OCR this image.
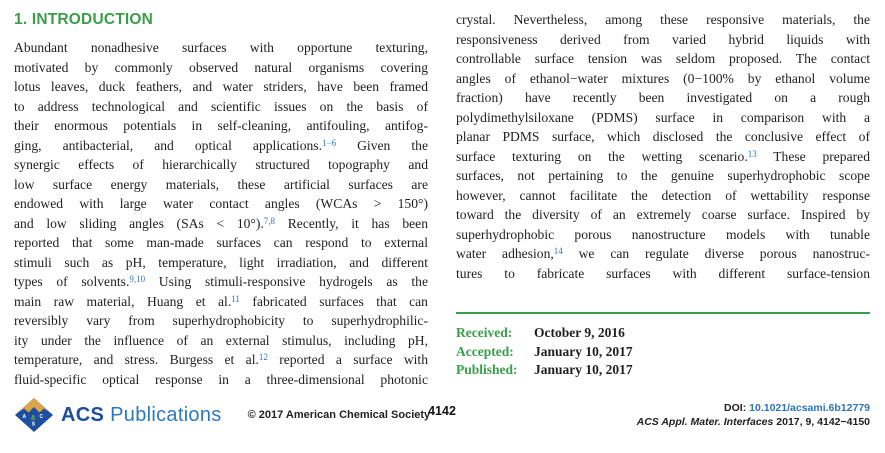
1. INTRODUCTION
Abundant nonadhesive surfaces with opportune texturing,
motivated by commonly observed natural organisms covering
lotus leaves, duck feathers, and water striders, have been framed
to address technological and scientific issues on the basis of
their enormous potentials in self-cleaning, antifouling, antifog-
ging, antibacterial, and optical applications.$^{1-6}$ Given the
synergic effects of hierarchically structured topography and
low surface energy materials, these artificial surfaces are
endowed with large water contact angles (WCAs > 150°)
and low sliding angles (SAs < 10°).$^{7,8}$ Recently, it has been
reported that some man-made surfaces can respond to external
stimuli such as pH, temperature, light irradiation, and different
types of solvents.$^{9,10}$ Using stimuli-responsive hydrogels as the
main raw material, Huang et al.$^{11}$ fabricated surfaces that can
reversibly vary from superhydrophobicity to superhydrophilic-
ity under the influence of an external stimulus, including pH,
temperature, and stress. Burgess et al.$^{12}$ reported a surface with
fluid-specific optical response in a three-dimensional photonic
crystal. Nevertheless, among these responsive materials, the
responsiveness derived from varied hybrid liquids with
controllable surface tension was seldom proposed. The contact
angles of ethanol−water mixtures (0−100% by ethanol volume
fraction) have recently been investigated on a rough
polydimethylsiloxane (PDMS) surface in comparison with a
planar PDMS surface, which disclosed the conclusive effect of
surface texturing on the wetting scenario.$^{13}$ These prepared
surfaces, not pertaining to the genuine superhydrophobic scope
however, cannot facilitate the detection of wettability response
toward the diversity of an extremely coarse surface. Inspired by
superhydrophobic porous nanostructure models with tunable
water adhesion,$^{14}$ we can regulate diverse porous nanostruc-
tures to fabricate surfaces with different surface-tension
Received: October 9, 2016
Accepted: January 10, 2017
Published: January 10, 2017
A Δ C
S ACS Publications © 2017 American Chemical Society
4142	DOI: 10.1021/acsami.6b12779
ACS Appl. Mater. Interfaces 2017, 9, 4142−4150
